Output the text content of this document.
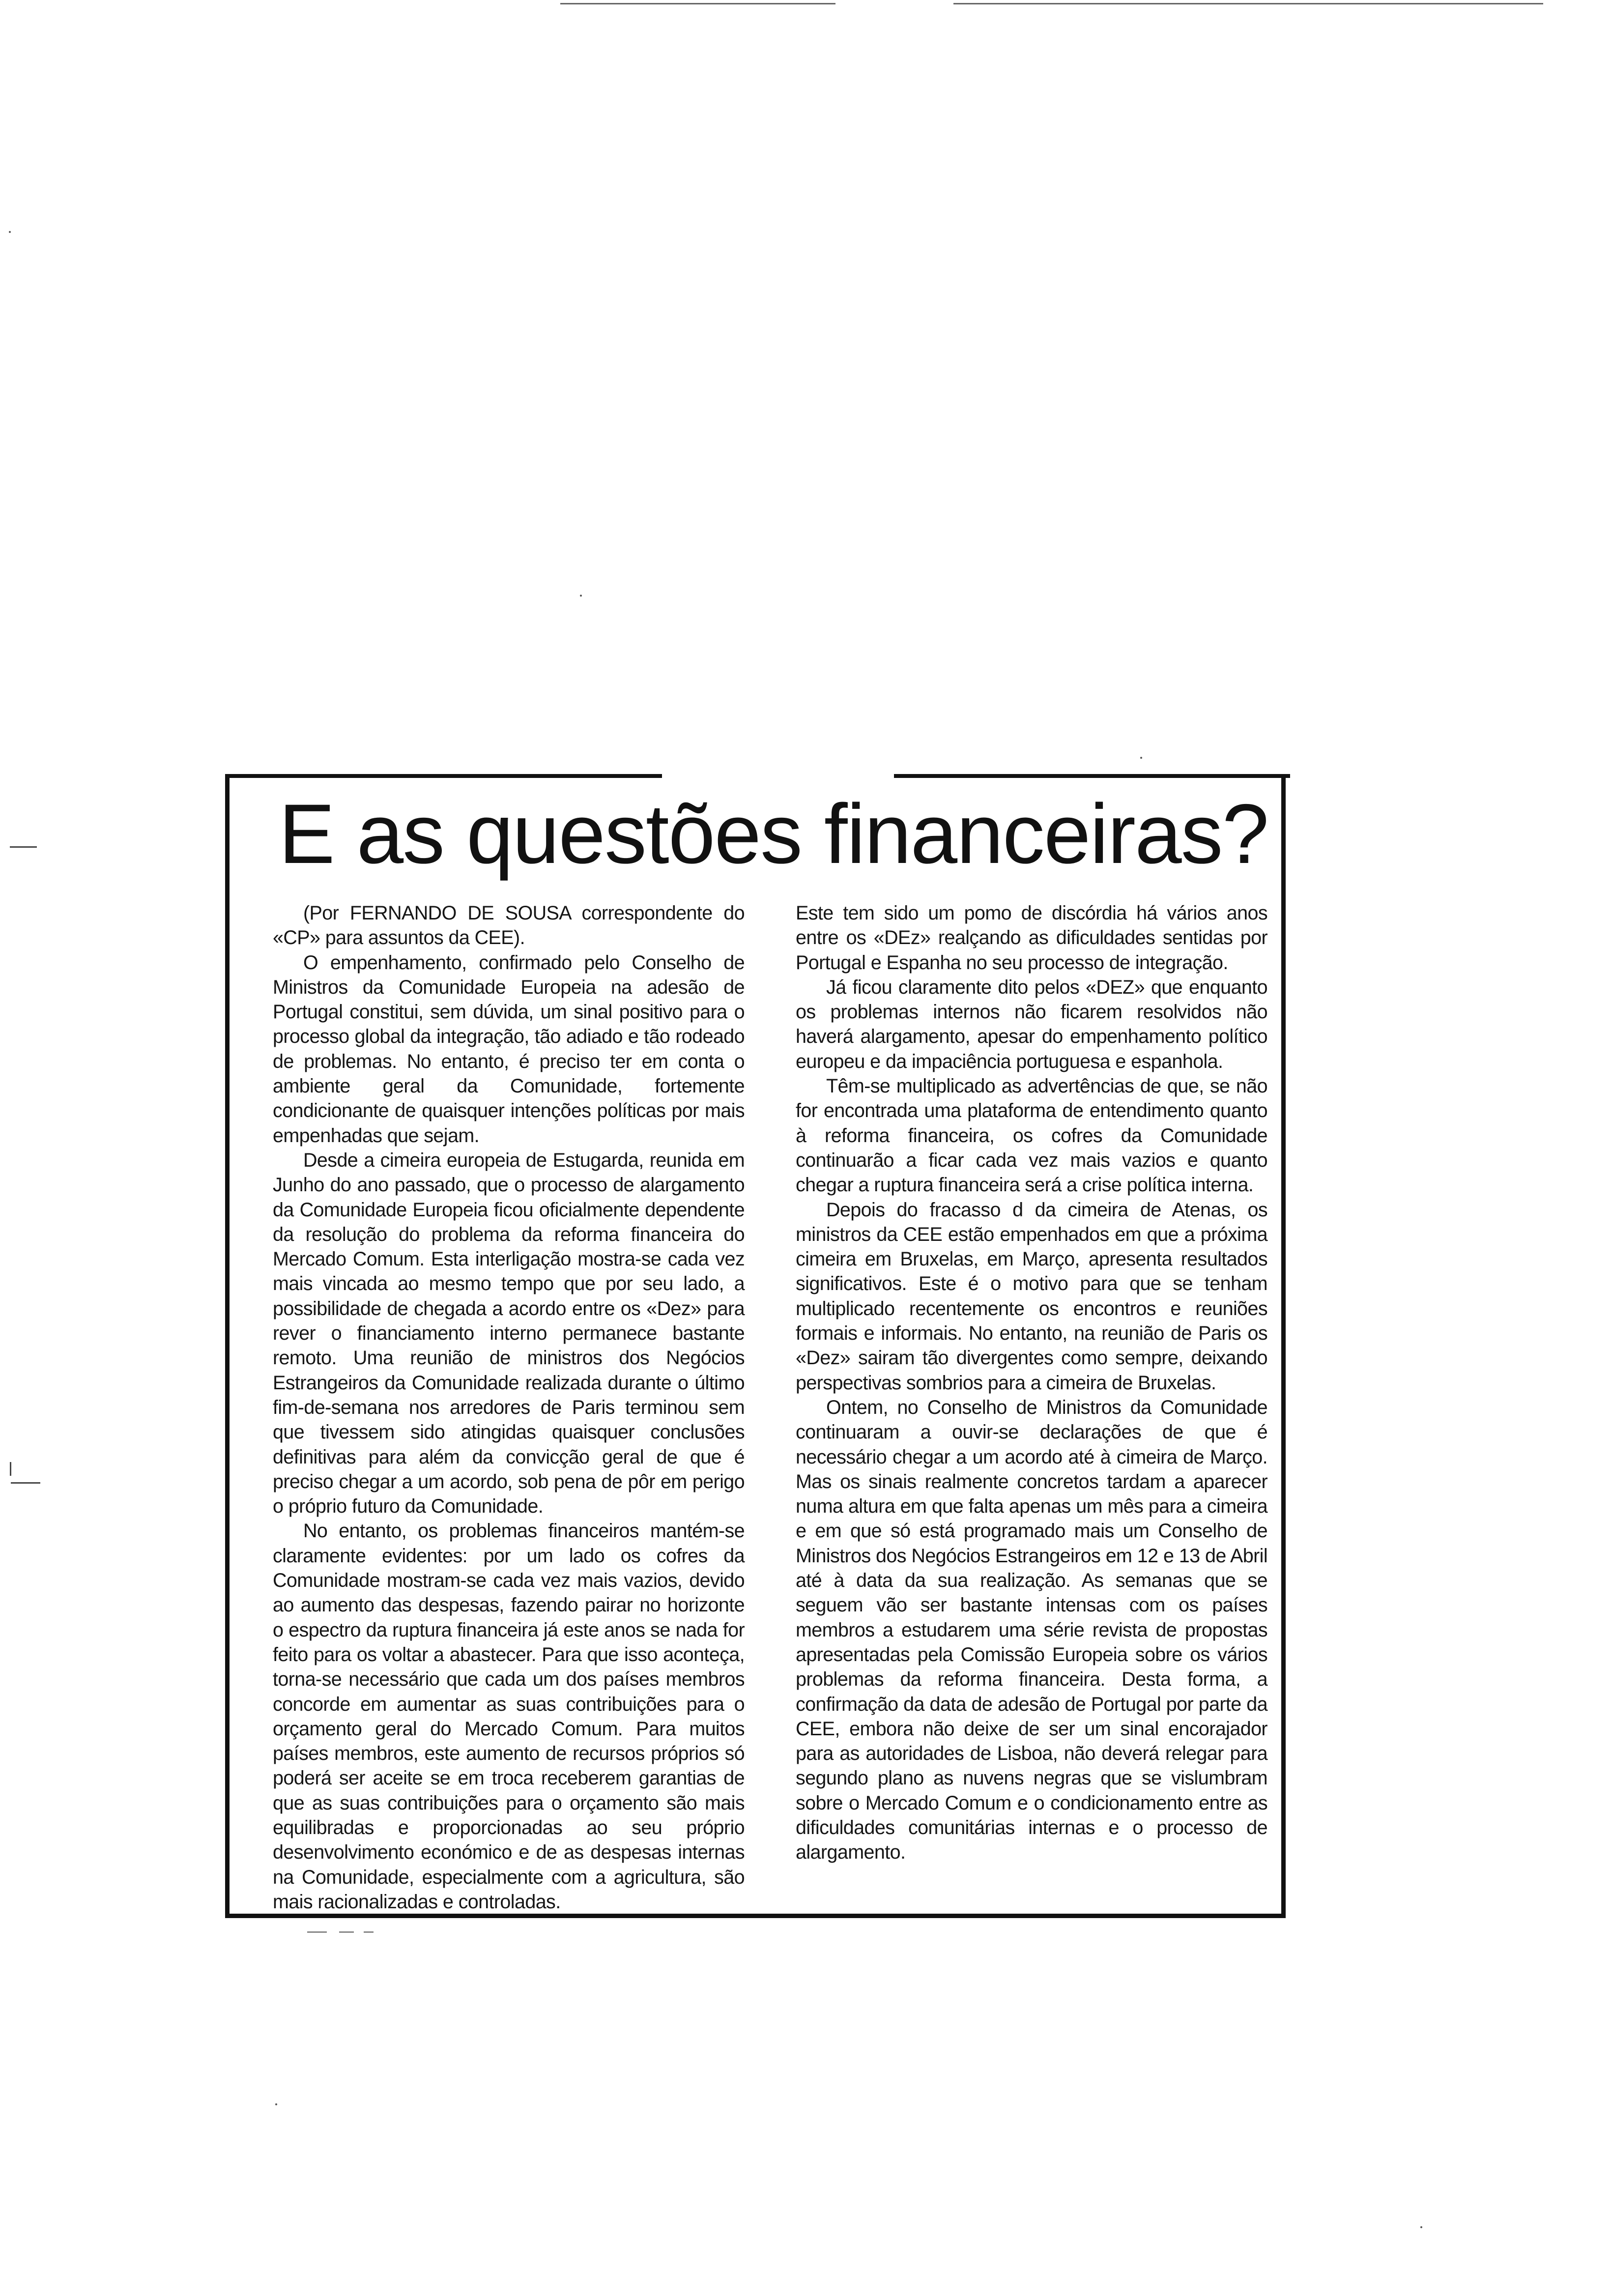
E as questões financeiras?

(Por FERNANDO DE SOUSA correspondente do «CP» para assuntos da CEE).

O empenhamento, confirmado pelo Conselho de Ministros da Comunidade Europeia na adesão de Portugal constitui, sem dúvida, um sinal positivo para o processo global da integração, tão adiado e tão rodeado de problemas. No entanto, é preciso ter em conta o ambiente geral da Comunidade, fortemente condicionante de quaisquer intenções políticas por mais empenhadas que sejam.

Desde a cimeira europeia de Estugarda, reunida em Junho do ano passado, que o processo de alargamento da Comunidade Europeia ficou oficialmente dependente da resolução do problema da reforma financeira do Mercado Comum. Esta interligação mostra-se cada vez mais vincada ao mesmo tempo que por seu lado, a possibilidade de chegada a acordo entre os «Dez» para rever o financiamento interno permanece bastante remoto. Uma reunião de ministros dos Negócios Estrangeiros da Comunidade realizada durante o último fim-de-semana nos arredores de Paris terminou sem que tivessem sido atingidas quaisquer conclusões definitivas para além da convicção geral de que é preciso chegar a um acordo, sob pena de pôr em perigo o próprio futuro da Comunidade.

No entanto, os problemas financeiros mantém-se claramente evidentes: por um lado os cofres da Comunidade mostram-se cada vez mais vazios, devido ao aumento das despesas, fazendo pairar no horizonte o espectro da ruptura financeira já este anos se nada for feito para os voltar a abastecer. Para que isso aconteça, torna-se necessário que cada um dos países membros concorde em aumentar as suas contribuições para o orçamento geral do Mercado Comum. Para muitos países membros, este aumento de recursos próprios só poderá ser aceite se em troca receberem garantias de que as suas contribuições para o orçamento são mais equilibradas e proporcionadas ao seu próprio desenvolvimento económico e de as despesas internas na Comunidade, especialmente com a agricultura, são mais racionalizadas e controladas.

Este tem sido um pomo de discórdia há vários anos entre os «DEz» realçando as dificuldades sentidas por Portugal e Espanha no seu processo de integração.

Já ficou claramente dito pelos «DEZ» que enquanto os problemas internos não ficarem resolvidos não haverá alargamento, apesar do empenhamento político europeu e da impaciência portuguesa e espanhola.

Têm-se multiplicado as advertências de que, se não for encontrada uma plataforma de entendimento quanto à reforma financeira, os cofres da Comunidade continuarão a ficar cada vez mais vazios e quanto chegar a ruptura financeira será a crise política interna.

Depois do fracasso d da cimeira de Atenas, os ministros da CEE estão empenhados em que a próxima cimeira em Bruxelas, em Março, apresenta resultados significativos. Este é o motivo para que se tenham multiplicado recentemente os encontros e reuniões formais e informais. No entanto, na reunião de Paris os «Dez» sairam tão divergentes como sempre, deixando perspectivas sombrios para a cimeira de Bruxelas.

Ontem, no Conselho de Ministros da Comunidade continuaram a ouvir-se declarações de que é necessário chegar a um acordo até à cimeira de Março. Mas os sinais realmente concretos tardam a aparecer numa altura em que falta apenas um mês para a cimeira e em que só está programado mais um Conselho de Ministros dos Negócios Estrangeiros em 12 e 13 de Abril até à data da sua realização. As semanas que se seguem vão ser bastante intensas com os países membros a estudarem uma série revista de propostas apresentadas pela Comissão Europeia sobre os vários problemas da reforma financeira. Desta forma, a confirmação da data de adesão de Portugal por parte da CEE, embora não deixe de ser um sinal encorajador para as autoridades de Lisboa, não deverá relegar para segundo plano as nuvens negras que se vislumbram sobre o Mercado Comum e o condicionamento entre as dificuldades comunitárias internas e o processo de alargamento.
